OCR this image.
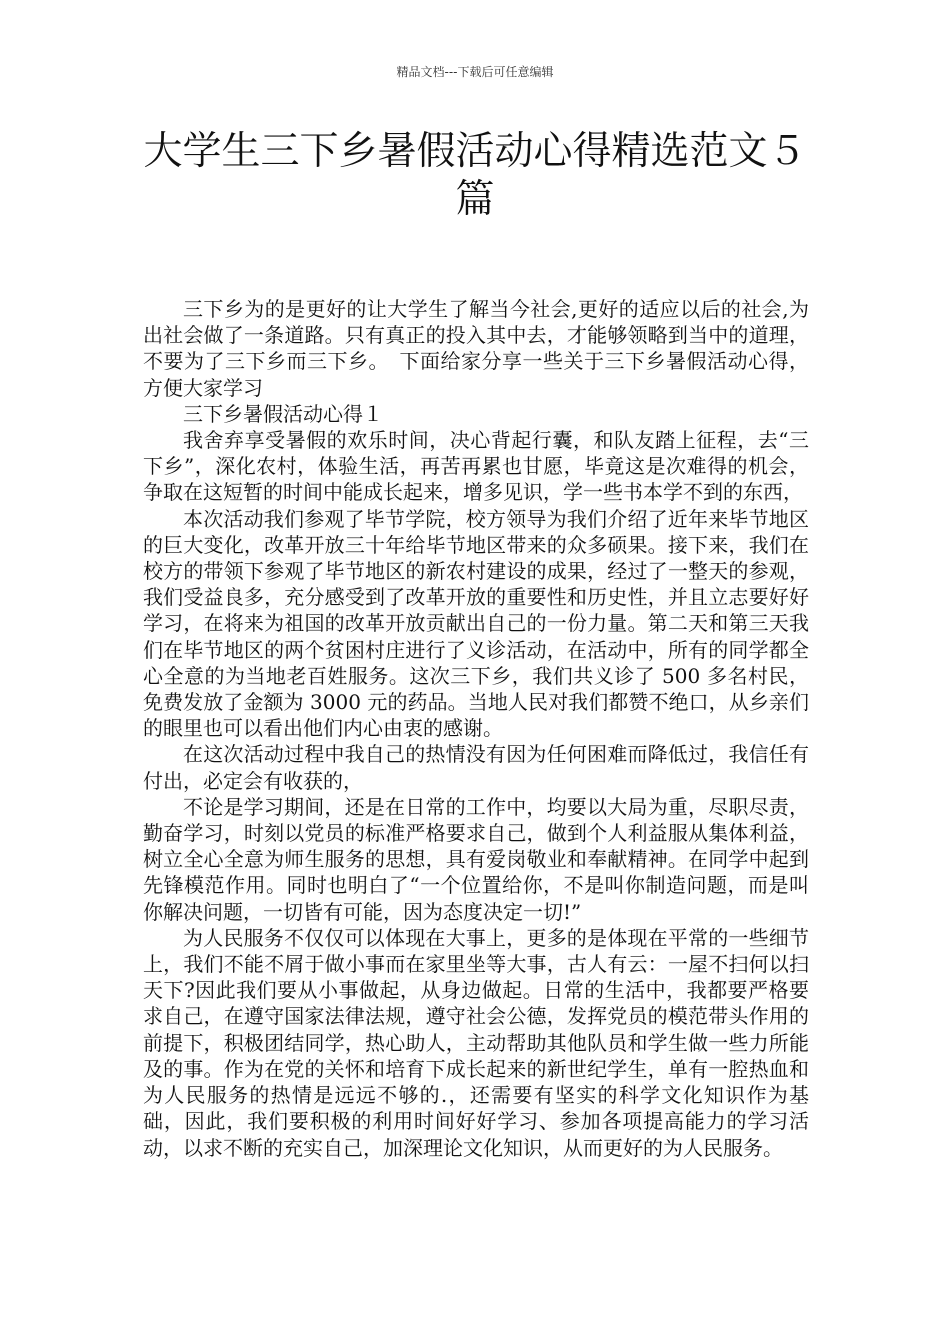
精品文档---下载后可任意编辑
大学生三下乡暑假活动心得精选范文５篇

三下乡为的是更好的让大学生了解当今社会,更好的适应以后的社会,为出社会做了一条道路。只有真正的投入其中去，才能够领略到当中的道理，不要为了三下乡而三下乡。　下面给家分享一些关于三下乡暑假活动心得，方便大家学习

三下乡暑假活动心得１

我舍弃享受暑假的欢乐时间，决心背起行囊，和队友踏上征程，去“三下乡”，深化农村，体验生活，再苦再累也甘愿，毕竟这是次难得的机会，争取在这短暂的时间中能成长起来，增多见识，学一些书本学不到的东西，

本次活动我们参观了毕节学院，校方领导为我们介绍了近年来毕节地区的巨大变化，改革开放三十年给毕节地区带来的众多硕果。接下来，我们在校方的带领下参观了毕节地区的新农村建设的成果，经过了一整天的参观，我们受益良多，充分感受到了改革开放的重要性和历史性，并且立志要好好学习，在将来为祖国的改革开放贡献出自己的一份力量。第二天和第三天我们在毕节地区的两个贫困村庄进行了义诊活动，在活动中，所有的同学都全心全意的为当地老百姓服务。这次三下乡，我们共义诊了 500 多名村民，免费发放了金额为 3000 元的药品。当地人民对我们都赞不绝口，从乡亲们的眼里也可以看出他们内心由衷的感谢。

在这次活动过程中我自己的热情没有因为任何困难而降低过，我信任有付出，必定会有收获的，

不论是学习期间，还是在日常的工作中，均要以大局为重，尽职尽责，勤奋学习，时刻以党员的标准严格要求自己，做到个人利益服从集体利益，树立全心全意为师生服务的思想，具有爱岗敬业和奉献精神。在同学中起到先锋模范作用。同时也明白了“一个位置给你，不是叫你制造问题，而是叫你解决问题，一切皆有可能，因为态度决定一切!”

为人民服务不仅仅可以体现在大事上，更多的是体现在平常的一些细节上，我们不能不屑于做小事而在家里坐等大事，古人有云：一屋不扫何以扫天下?因此我们要从小事做起，从身边做起。日常的生活中，我都要严格要求自己，在遵守国家法律法规，遵守社会公德，发挥党员的模范带头作用的前提下，积极团结同学，热心助人，主动帮助其他队员和学生做一些力所能及的事。作为在党的关怀和培育下成长起来的新世纪学生，单有一腔热血和为人民服务的热情是远远不够的.，还需要有坚实的科学文化知识作为基础，因此，我们要积极的利用时间好好学习、参加各项提高能力的学习活动，以求不断的充实自己，加深理论文化知识，从而更好的为人民服务。
